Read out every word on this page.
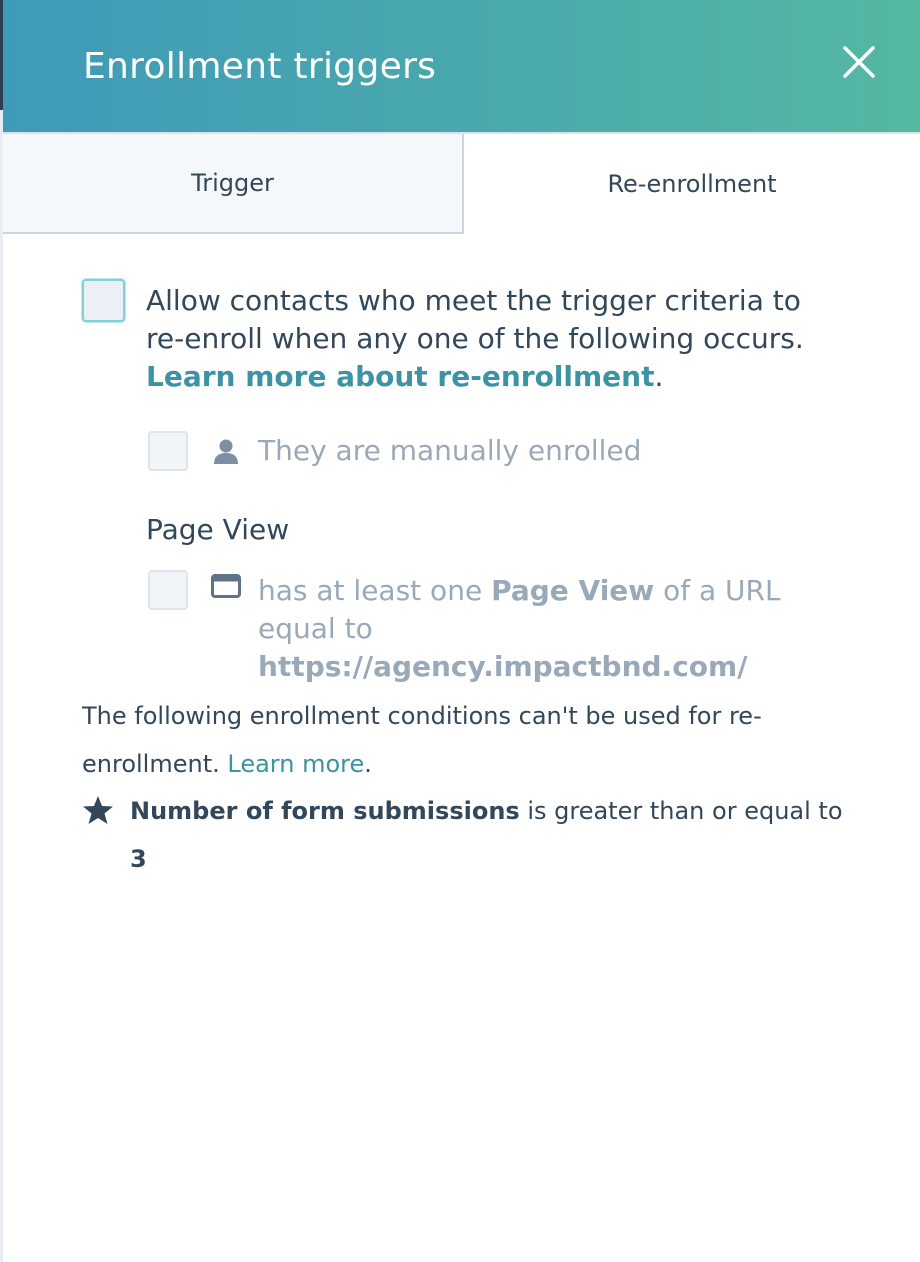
Enrollment triggers
Trigger	Re-enrollment
Allow contacts who meet the trigger criteria to re-enroll when any one of the following occurs. Learn more about re-enrollment.
They are manually enrolled
Page View
has at least one Page View of a URL equal to
https://agency.impactbnd.com/
The following enrollment conditions can't be used for re-enrollment. Learn more.
Number of form submissions is greater than or equal to
3
